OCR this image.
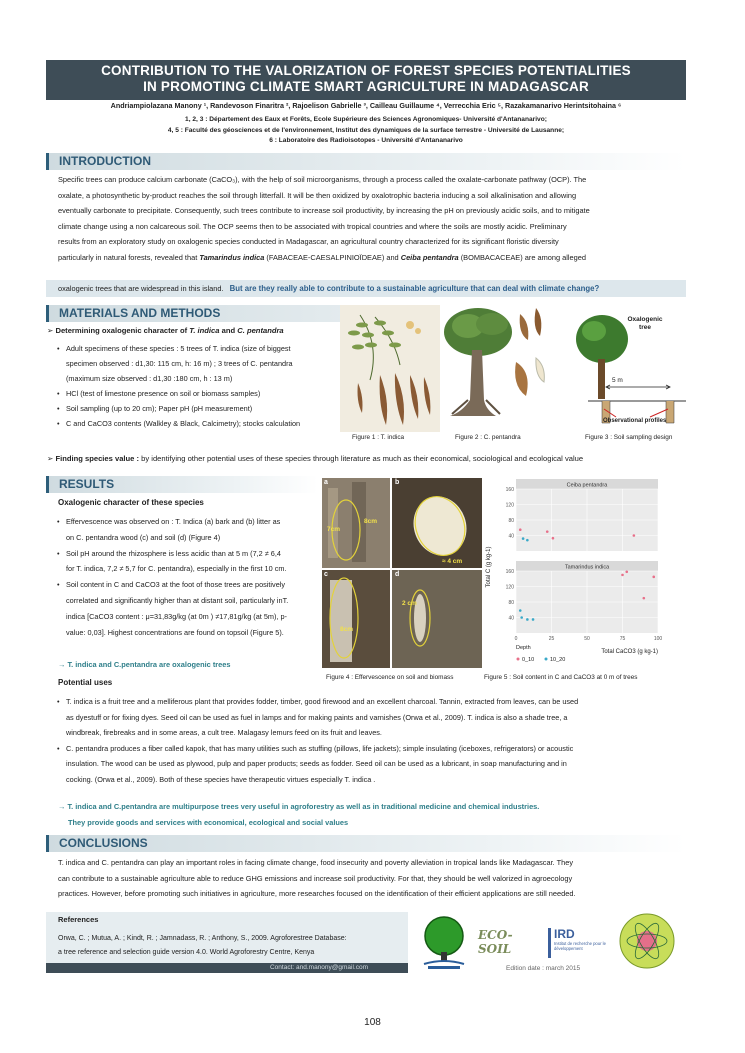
CONTRIBUTION TO THE VALORIZATION OF FOREST SPECIES POTENTIALITIES
IN PROMOTING CLIMATE SMART AGRICULTURE IN MADAGASCAR
Andriampiolazana Manony ¹, Randevoson Finaritra ², Rajoelison Gabrielle ³, Cailleau Guillaume ⁴, Verrecchia Eric ⁵, Razakamanarivo Herintsitohaina ⁶
1, 2, 3 : Département des Eaux et Forêts, Ecole Supérieure des Sciences Agronomiques- Université d'Antananarivo;
4, 5 : Faculté des géosciences et de l'environnement, Institut des dynamiques de la surface terrestre - Université de Lausanne;
6 : Laboratoire des Radioisotopes - Université d'Antananarivo
INTRODUCTION
Specific trees can produce calcium carbonate (CaCO₃), with the help of soil microorganisms, through a process called the oxalate-carbonate pathway (OCP). The
oxalate, a photosynthetic by-product reaches the soil through litterfall. It will be then oxidized by oxalotrophic bacteria inducing a soil alkalinisation and allowing
eventually carbonate to precipitate. Consequently, such trees contribute to increase soil productivity, by increasing the pH on previously acidic soils, and to mitigate
climate change using a non calcareous soil. The OCP seems then to be associated with tropical countries and where the soils are mostly acidic. Preliminary
results from an exploratory study on oxalogenic species conducted in Madagascar, an agricultural country characterized for its significant floristic diversity
particularly in natural forests, revealed that Tamarindus indica (FABACEAE-CAESALPINIOÏDEAE) and Ceiba pentandra (BOMBACACEAE) are among alleged
oxalogenic trees that are widespread in this island. But are they really able to contribute to a sustainable agriculture that can deal with climate change?
MATERIALS AND METHODS
➢ Determining oxalogenic character of T. indica and C. pentandra
• Adult specimens of these species : 5 trees of T. indica (size of biggest
specimen observed : d1,30: 115 cm, h: 16 m) ; 3 trees of C. pentandra
(maximum size observed : d1,30 :180 cm, h : 13 m)
• HCl (test of limestone presence on soil or biomass samples)
• Soil sampling (up to 20 cm); Paper pH (pH measurement)
• C and CaCO3 contents (Walkley & Black, Calcimetry); stocks calculation
Figure 1 : T. indica	Figure 2 : C. pentandra
Oxalogenic tree
5 m
Observational profiles
Figure 3 : Soil sampling design
➢ Finding species value : by identifying other potential uses of these species through literature as much as their economical, sociological and ecological value
RESULTS
Oxalogenic character of these species
• Effervescence was observed on : T. Indica (a) bark and (b) litter as
on C. pentandra wood (c) and soil (d) (Figure 4)
• Soil pH around the rhizosphere is less acidic than at 5 m (7,2 ≠ 6,4
for T. indica, 7,2 ≠ 5,7 for C. pentandra), especially in the first 10 cm.
• Soil content in C and CaCO3 at the foot of those trees are positively
correlated and significantly higher than at distant soil, particularly inT.
indica [CaCO3 content : μ=31,83g/kg (at 0m ) ≠17,81g/kg (at 5m), p-
value: 0,03]. Highest concentrations are found on topsoil (Figure 5).
→ T. indica and C.pentandra are oxalogenic trees
a	b
c	d
7cm
8cm
≈ 4 cm
8cm
2 cm
Figure 4 : Effervescence on soil and biomass
Ceiba pentandra
40
80
120
160
Tamarindus indica
40
80
120
160
0	25	50	75	100
Total C (g kg-1)
Total CaCO3 (g kg-1)
Depth
0_10	10_20
Figure 5 : Soil content in C and CaCO3 at 0 m of trees
Potential uses
• T. indica is a fruit tree and a melliferous plant that provides fodder, timber, good firewood and an excellent charcoal. Tannin, extracted from leaves, can be used
as dyestuff or for fixing dyes. Seed oil can be used as fuel in lamps and for making paints and varnishes (Orwa et al., 2009). T. indica is also a shade tree, a
windbreak, firebreaks and in some areas, a cult tree. Malagasy lemurs feed on its fruit and leaves.
• C. pentandra produces a fiber called kapok, that has many utilities such as stuffing (pillows, life jackets); simple insulating (iceboxes, refrigerators) or acoustic
insulation. The wood can be used as plywood, pulp and paper products; seeds as fodder. Seed oil can be used as a lubricant, in soap manufacturing and in
cocking. (Orwa et al., 2009). Both of these species have therapeutic virtues especially T. indica .
→ T. indica and C.pentandra are multipurpose trees very useful in agroforestry as well as in traditional medicine and chemical industries.
They provide goods and services with economical, ecological and social values
CONCLUSIONS
T. indica and C. pentandra can play an important roles in facing climate change, food insecurity and poverty alleviation in tropical lands like Madagascar. They
can contribute to a sustainable agriculture able to reduce GHG emissions and increase soil productivity. For that, they should be well valorized in agroecology
practices. However, before promoting such initiatives in agriculture, more researches focused on the identification of their efficient applications are still needed.
References
Orwa, C. ; Mutua, A. ; Kindt, R. ; Jamnadass, R. ; Anthony, S., 2009. Agroforestree Database:
a tree reference and selection guide version 4.0. World Agroforestry Centre, Kenya
Contact: and.manony@gmail.com
ECO-SOIL
IRD
Institut de recherche pour le développement
Edition date : march 2015
108
